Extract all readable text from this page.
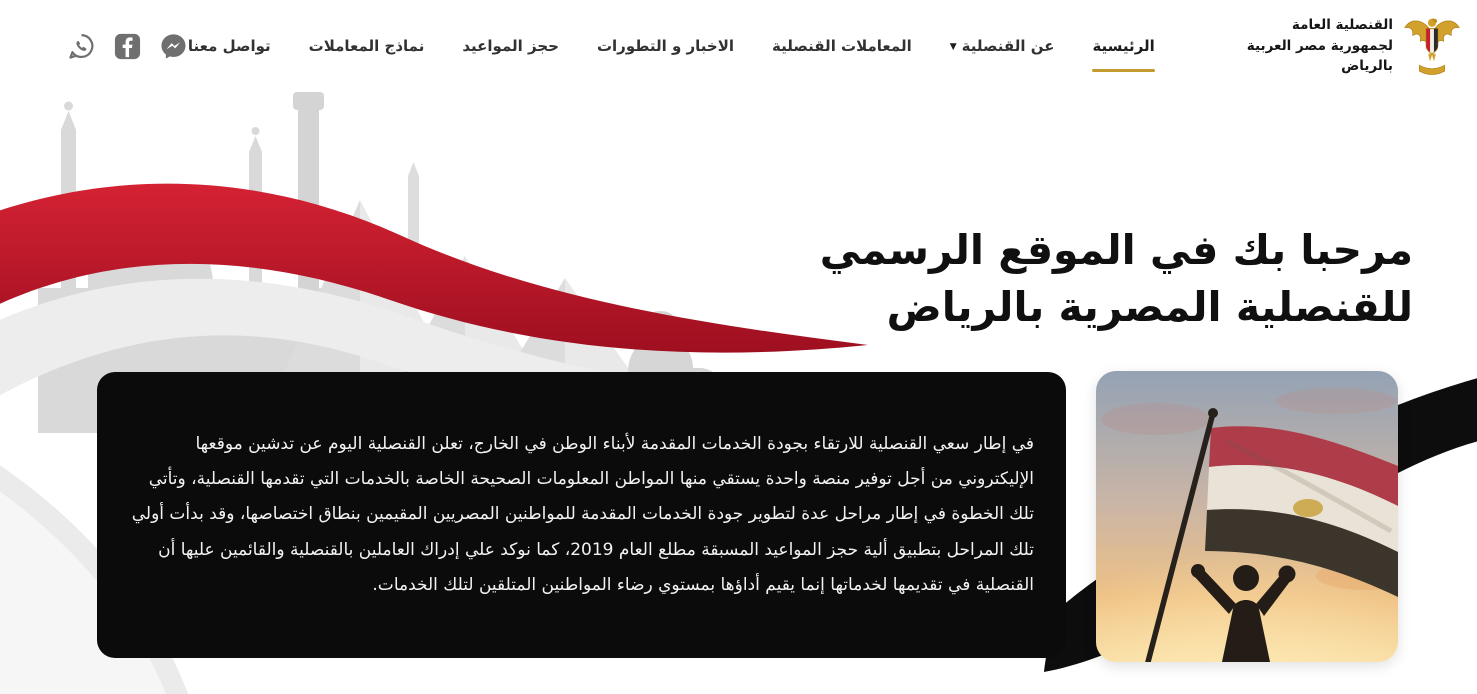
القنصلية العامة
لجمهورية مصر العربية
بالرياض
الرئيسية
عن القنصلية▼
المعاملات القنصلية
الاخبار و التطورات
حجز المواعيد
نماذج المعاملات
تواصل معنا
مرحبا بك في الموقع الرسمي
للقنصلية المصرية بالرياض

في إطار سعي القنصلية للارتقاء بجودة الخدمات المقدمة لأبناء الوطن في الخارج، تعلن القنصلية اليوم عن تدشين موقعها الإليكتروني من أجل توفير منصة واحدة يستقي منها المواطن المعلومات الصحيحة الخاصة بالخدمات التي تقدمها القنصلية، وتأتي تلك الخطوة في إطار مراحل عدة لتطوير جودة الخدمات المقدمة للمواطنين المصريين المقيمين بنطاق اختصاصها، وقد بدأت أولي تلك المراحل بتطبيق ألية حجز المواعيد المسبقة مطلع العام 2019، كما نوكد علي إدراك العاملين بالقنصلية والقائمين عليها أن القنصلية في تقديمها لخدماتها إنما يقيم أداؤها بمستوي رضاء المواطنين المتلقين لتلك الخدمات.
